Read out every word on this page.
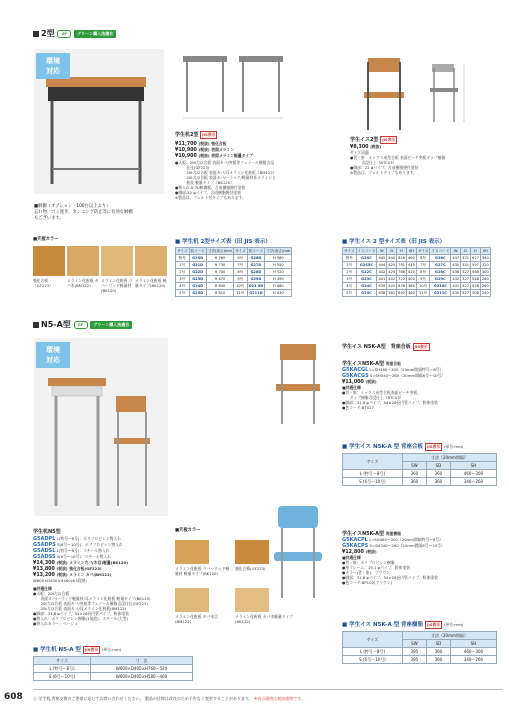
2型 GP	グリーン購入法適合
環境
対応
■網棚（オプション・100台以上より）
忘れ物、ゴミ置き、カンニング防止等に有効な網棚
もございます。
学生机2型 JIS表示
¥11,700 (税抜) 強化合板
¥10,900 (税抜) 表面メラミン
¥10,900 (税抜) 表面メラミン軽量タイプ
●天板：20t力/2合板 表面カバ/突板等フェノール樹脂含浸
　　　仕仕(GF223)
　　　20t力/2合板 表面カバ/耳メラミン化粧板（BM122）
　　　20t力/2合板 表面カバ/ーラック/軽量材耳メラミンと
　　　桂枝 軽量タイプ（BK120）
●物入れ:0.7t/軟鋼板、合成樹脂焼付塗装
●脚部:22 φパイプ、合成樹脂焼付塗装
※製品は、フェルト付タイプもあります。
学生イス2型 JIS表示
¥8,300 (税抜)
サイズ同適
●背・座：ミックス成型合板 表面ビーチ突板ダップ樹脂
　　　含浸仕上（BTC03）
●脚部：22 φパイプ、合成樹脂焼付塗装
※製品は、フェルトタイプもあります。
■天板カラー
強化合板（GF223）
メラミン化粧板 カバ木(BM122)
メラミン化粧板 ラバーウッド軽量材(BK120)
メラミン化粧板 軽量タイプ(BK120)
■ 学生机 2型サイズ表（旧 JIS 表示）
サイズ	机コード	寸法(高さ)mm	サイズ	机コード	寸法(高さ)mm
特号	G2SD	H 760	6号	G26D	H 580
1号	G21D	H 730	7号	G27D	H 550
2号	G22D	H 700	8号	G28D	H 520
3号	G23D	H 670	9号	G29D	H 490
4号	G24D	H 640	10号	G21 0D	H 460
5号	G25D	H 610	11号	G211D	H 430
■ 学生イス 2 型サイズ表（旧 JIS 表示）
サイズ	イスコード	W	D	H	SH	サイズ	イスコード	W	D	H	SH
特号	G2SC	445	444	816	460	6号	G26C	437	371	627	340
1号	G2S5C	444	425	791	445	7号	G27C	435	351	597	320
2号	G22C	442	425	766	420	8号	G28C	436	327	568	300
3号	G23C	441	402	722	400	9号	G29C	432	327	548	280
4号	G24C	439	401	676	380	10号	G210C	431	327	528	260
5号	G25C	438	381	652	360	11号	G211C	430	327	508	240
N5-A型 GP	グリーン購入法適合
環境
対応
学生机N5型
G5ADPL L(特号〜8号)：ポリプロピレン物入れ
G5ADPS S(6号〜10号)：ポリプロピレン物入れ
G5ADSL L(特号〜8号)：スチール物入れ
G5ADSS S(6号〜10号)：スチール物入れ
¥14,300 (税抜) メラミン力バ(木目)軽量(BK120)
¥13,800 (税抜) 強化合板(GF223)
¥13,200 (税抜) メラミン カバ(BM122)
W600×D400×H460(※3段階)
■共通仕様
●天板：20t力/2合板
　　表面カバ/ーラック軽量材/耳メラミン化粧板 軽量タイプ(BK120)
　　20t力/2合板 表面カバ/突板等フェノール樹脂含浸仕仕(GF223)
　　20t力/2合板 表面カバ/耳メラミン化粧板(BM122)
●脚部：31.8 φパイプ、54×28長円管パイプ、粉体塗装
●物入れ：ポリプロピレン樹脂(1気泡)、スチール(大型)
●物入れカラー：ベージュ
■天板カラー
メラミン化粧板 ラバーウッド軽量材 軽量タイプ(BK120)
強化合板(GF223)
メラミン化粧板 カバ木目(BM122)
メラミン化粧板 カバ木軽量タイプ(BK122)
■ 学生机 N5-A 型 JIS表示 (単位:mm)
サイズ	寸　法
L (特号〜8号)	W600×D400×H760〜520
S (6号〜10号)	W600×D400×H580〜460
学生イス N5K-A型　背座合板 JIS表示
学生イスN5K-A型 背座合板
G5KACGL L=SH460〜300（20mm間隔特号〜8号）
G5KACGS S=SH340〜260（20mm間隔6号〜10号）
¥11,000 (税抜)
■共通仕様
●背・座：ミックス成型合板表面ビーチ突板、
　　ダップ樹脂含浸仕上（BTC03）
●脚部：31.8 φパイプ、54×28長円管パイプ、粉体塗装
●色コード:BT027
■ 学生イス N5K-A 型 背座合板 JIS表示 (単位:mm)
サイズ	寸法（20mm間隔）		
	SW	SD	SH
L (特号〜8号)	360	360	460〜300
S (6号〜10号)	360	360	340〜260
学生イスN5K-A型 背座樹脂
G5KACPL L=SH460〜300（20mm間隔特号〜8号）
G5KACPS S=SH340〜260（20mm間隔6号〜10号）
¥12,800 (税抜)
■共通仕様
●背・座：ポリプロピレン樹脂
●座フレーム：19.1 φパイプ、粉体塗装
●カラー(背・座)：ブラウン
●脚部：31.8 φパイプ、54×28長円管パイプ、粉体塗装
●色コード:BP102(ブラウン)
■ 学生イス N5K-A 型 背座樹脂 JIS表示 (単位:mm)
サイズ	寸法（20mm間隔）		
	SW	SD	SH
L (特号〜8号)	395	360	460〜300
S (6号〜10号)	395	360	340〜260
608	ⓘ 学生机,背座交換のご要望に応じてお問い合わせください。 製品の仕様は改良のため予告なく変更することがあります。 ※表示価格は税抜価格です。
